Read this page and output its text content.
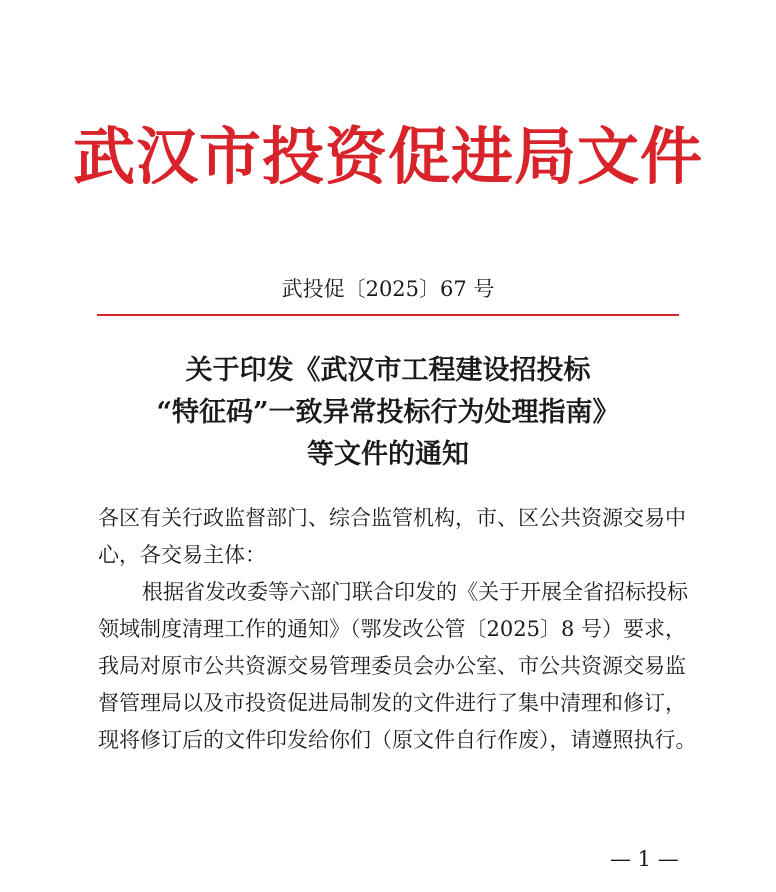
武汉市投资促进局文件
武投促〔2025〕67 号
关于印发《武汉市工程建设招投标
“特征码”一致异常投标行为处理指南》
等文件的通知
各区有关行政监督部门、综合监管机构，市、区公共资源交易中
心，各交易主体：
根据省发改委等六部门联合印发的《关于开展全省招标投标
领域制度清理工作的通知》（鄂发改公管〔2025〕8 号）要求，
我局对原市公共资源交易管理委员会办公室、市公共资源交易监
督管理局以及市投资促进局制发的文件进行了集中清理和修订，
现将修订后的文件印发给你们（原文件自行作废），请遵照执行。
— 1 —
